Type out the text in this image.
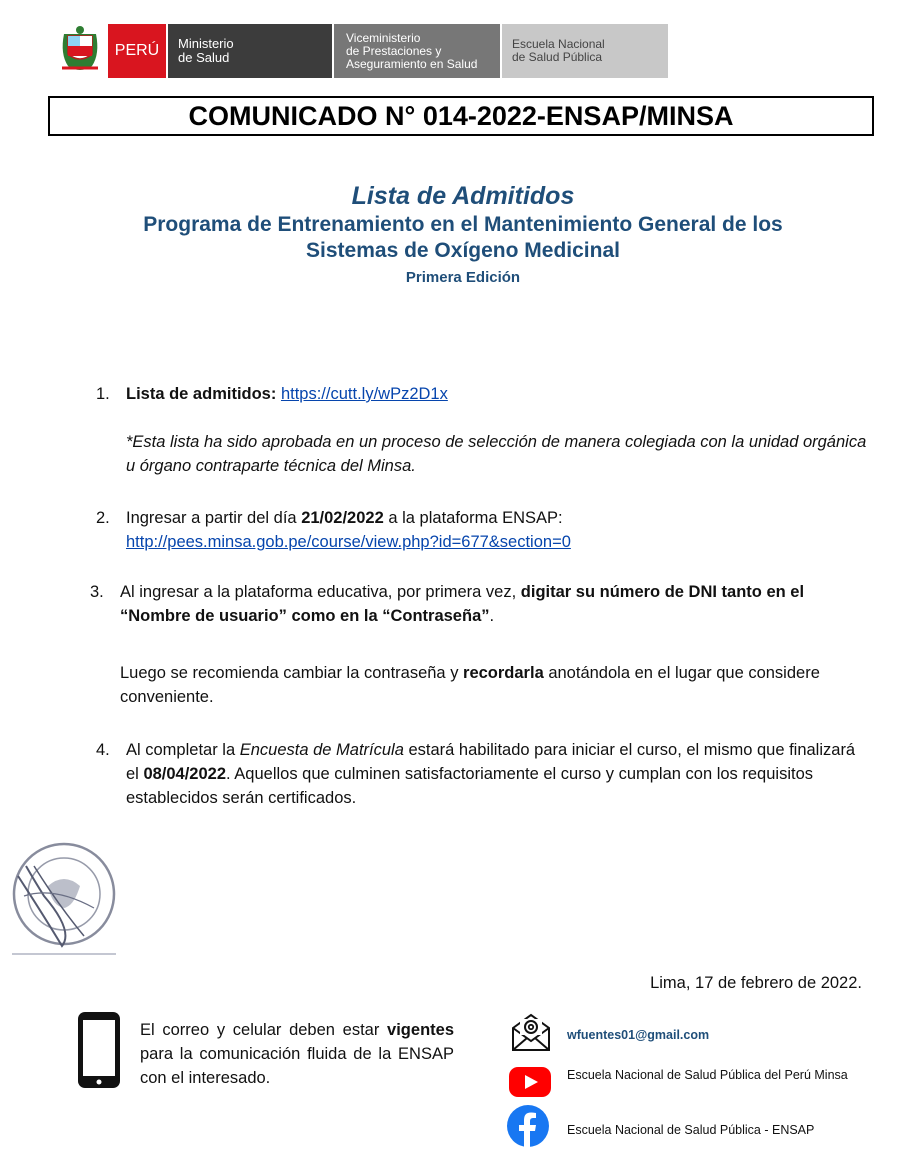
PERÚ	Ministerio
de Salud
Viceministerio
de Prestaciones y
Aseguramiento en Salud
Escuela Nacional
de Salud Pública
COMUNICADO N° 014-2022-ENSAP/MINSA
Lista de Admitidos
Programa de Entrenamiento en el Mantenimiento General de los
Sistemas de Oxígeno Medicinal
Primera Edición
1. Lista de admitidos: https://cutt.ly/wPz2D1x
*Esta lista ha sido aprobada en un proceso de selección de manera colegiada con la unidad orgánica u órgano contraparte técnica del Minsa.
2. Ingresar a partir del día 21/02/2022 a la plataforma ENSAP:
http://pees.minsa.gob.pe/course/view.php?id=677&section=0
3. Al ingresar a la plataforma educativa, por primera vez, digitar su número de DNI tanto en el “Nombre de usuario” como en la “Contraseña”.
Luego se recomienda cambiar la contraseña y recordarla anotándola en el lugar que considere conveniente.
4. Al completar la Encuesta de Matrícula estará habilitado para iniciar el curso, el mismo que finalizará el 08/04/2022. Aquellos que culminen satisfactoriamente el curso y cumplan con los requisitos establecidos serán certificados.
Lima, 17 de febrero de 2022.
El correo y celular deben estar vigentes para la comunicación fluida de la ENSAP con el interesado.
wfuentes01@gmail.com
Escuela Nacional de Salud Pública del Perú Minsa
Escuela Nacional de Salud Pública - ENSAP
